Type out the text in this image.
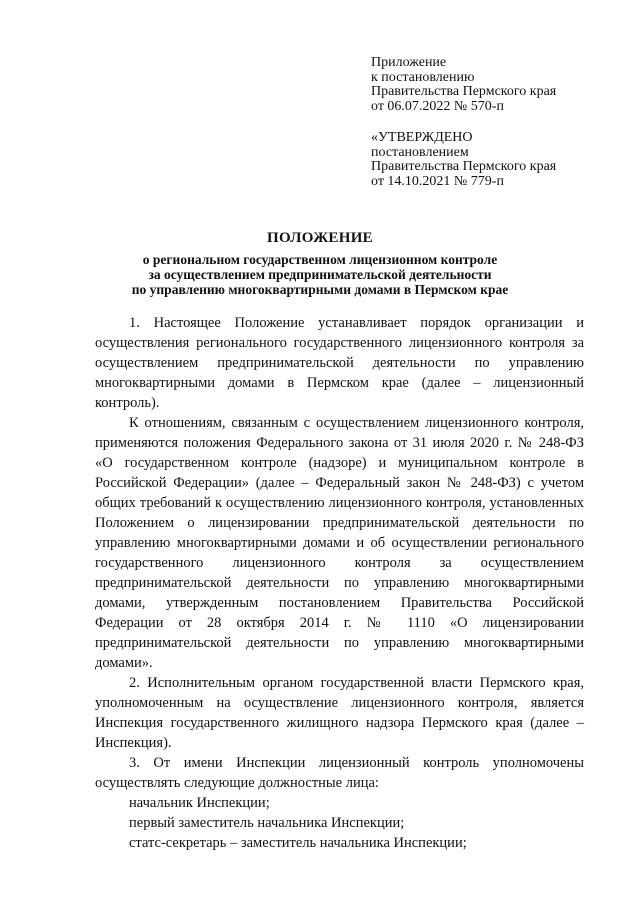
Приложение
к постановлению
Правительства Пермского края
от 06.07.2022 № 570-п
«УТВЕРЖДЕНО
постановлением
Правительства Пермского края
от 14.10.2021 № 779-п
ПОЛОЖЕНИЕ
о региональном государственном лицензионном контроле
за осуществлением предпринимательской деятельности
по управлению многоквартирными домами в Пермском крае

1. Настоящее Положение устанавливает порядок организации и осуществления регионального государственного лицензионного контроля за осуществлением предпринимательской деятельности по управлению многоквартирными домами в Пермском крае (далее – лицензионный контроль).

К отношениям, связанным с осуществлением лицензионного контроля, применяются положения Федерального закона от 31 июля 2020 г. № 248-ФЗ «О государственном контроле (надзоре) и муниципальном контроле в Российской Федерации» (далее – Федеральный закон № 248-ФЗ) с учетом общих требований к осуществлению лицензионного контроля, установленных Положением о лицензировании предпринимательской деятельности по управлению многоквартирными домами и об осуществлении регионального государственного лицензионного контроля за осуществлением предпринимательской деятельности по управлению многоквартирными домами, утвержденным постановлением Правительства Российской Федерации от 28 октября 2014 г. № 1110 «О лицензировании предпринимательской деятельности по управлению многоквартирными домами».

2. Исполнительным органом государственной власти Пермского края, уполномоченным на осуществление лицензионного контроля, является Инспекция государственного жилищного надзора Пермского края (далее – Инспекция).

3. От имени Инспекции лицензионный контроль уполномочены осуществлять следующие должностные лица:

начальник Инспекции;

первый заместитель начальника Инспекции;

статс-секретарь – заместитель начальника Инспекции;
